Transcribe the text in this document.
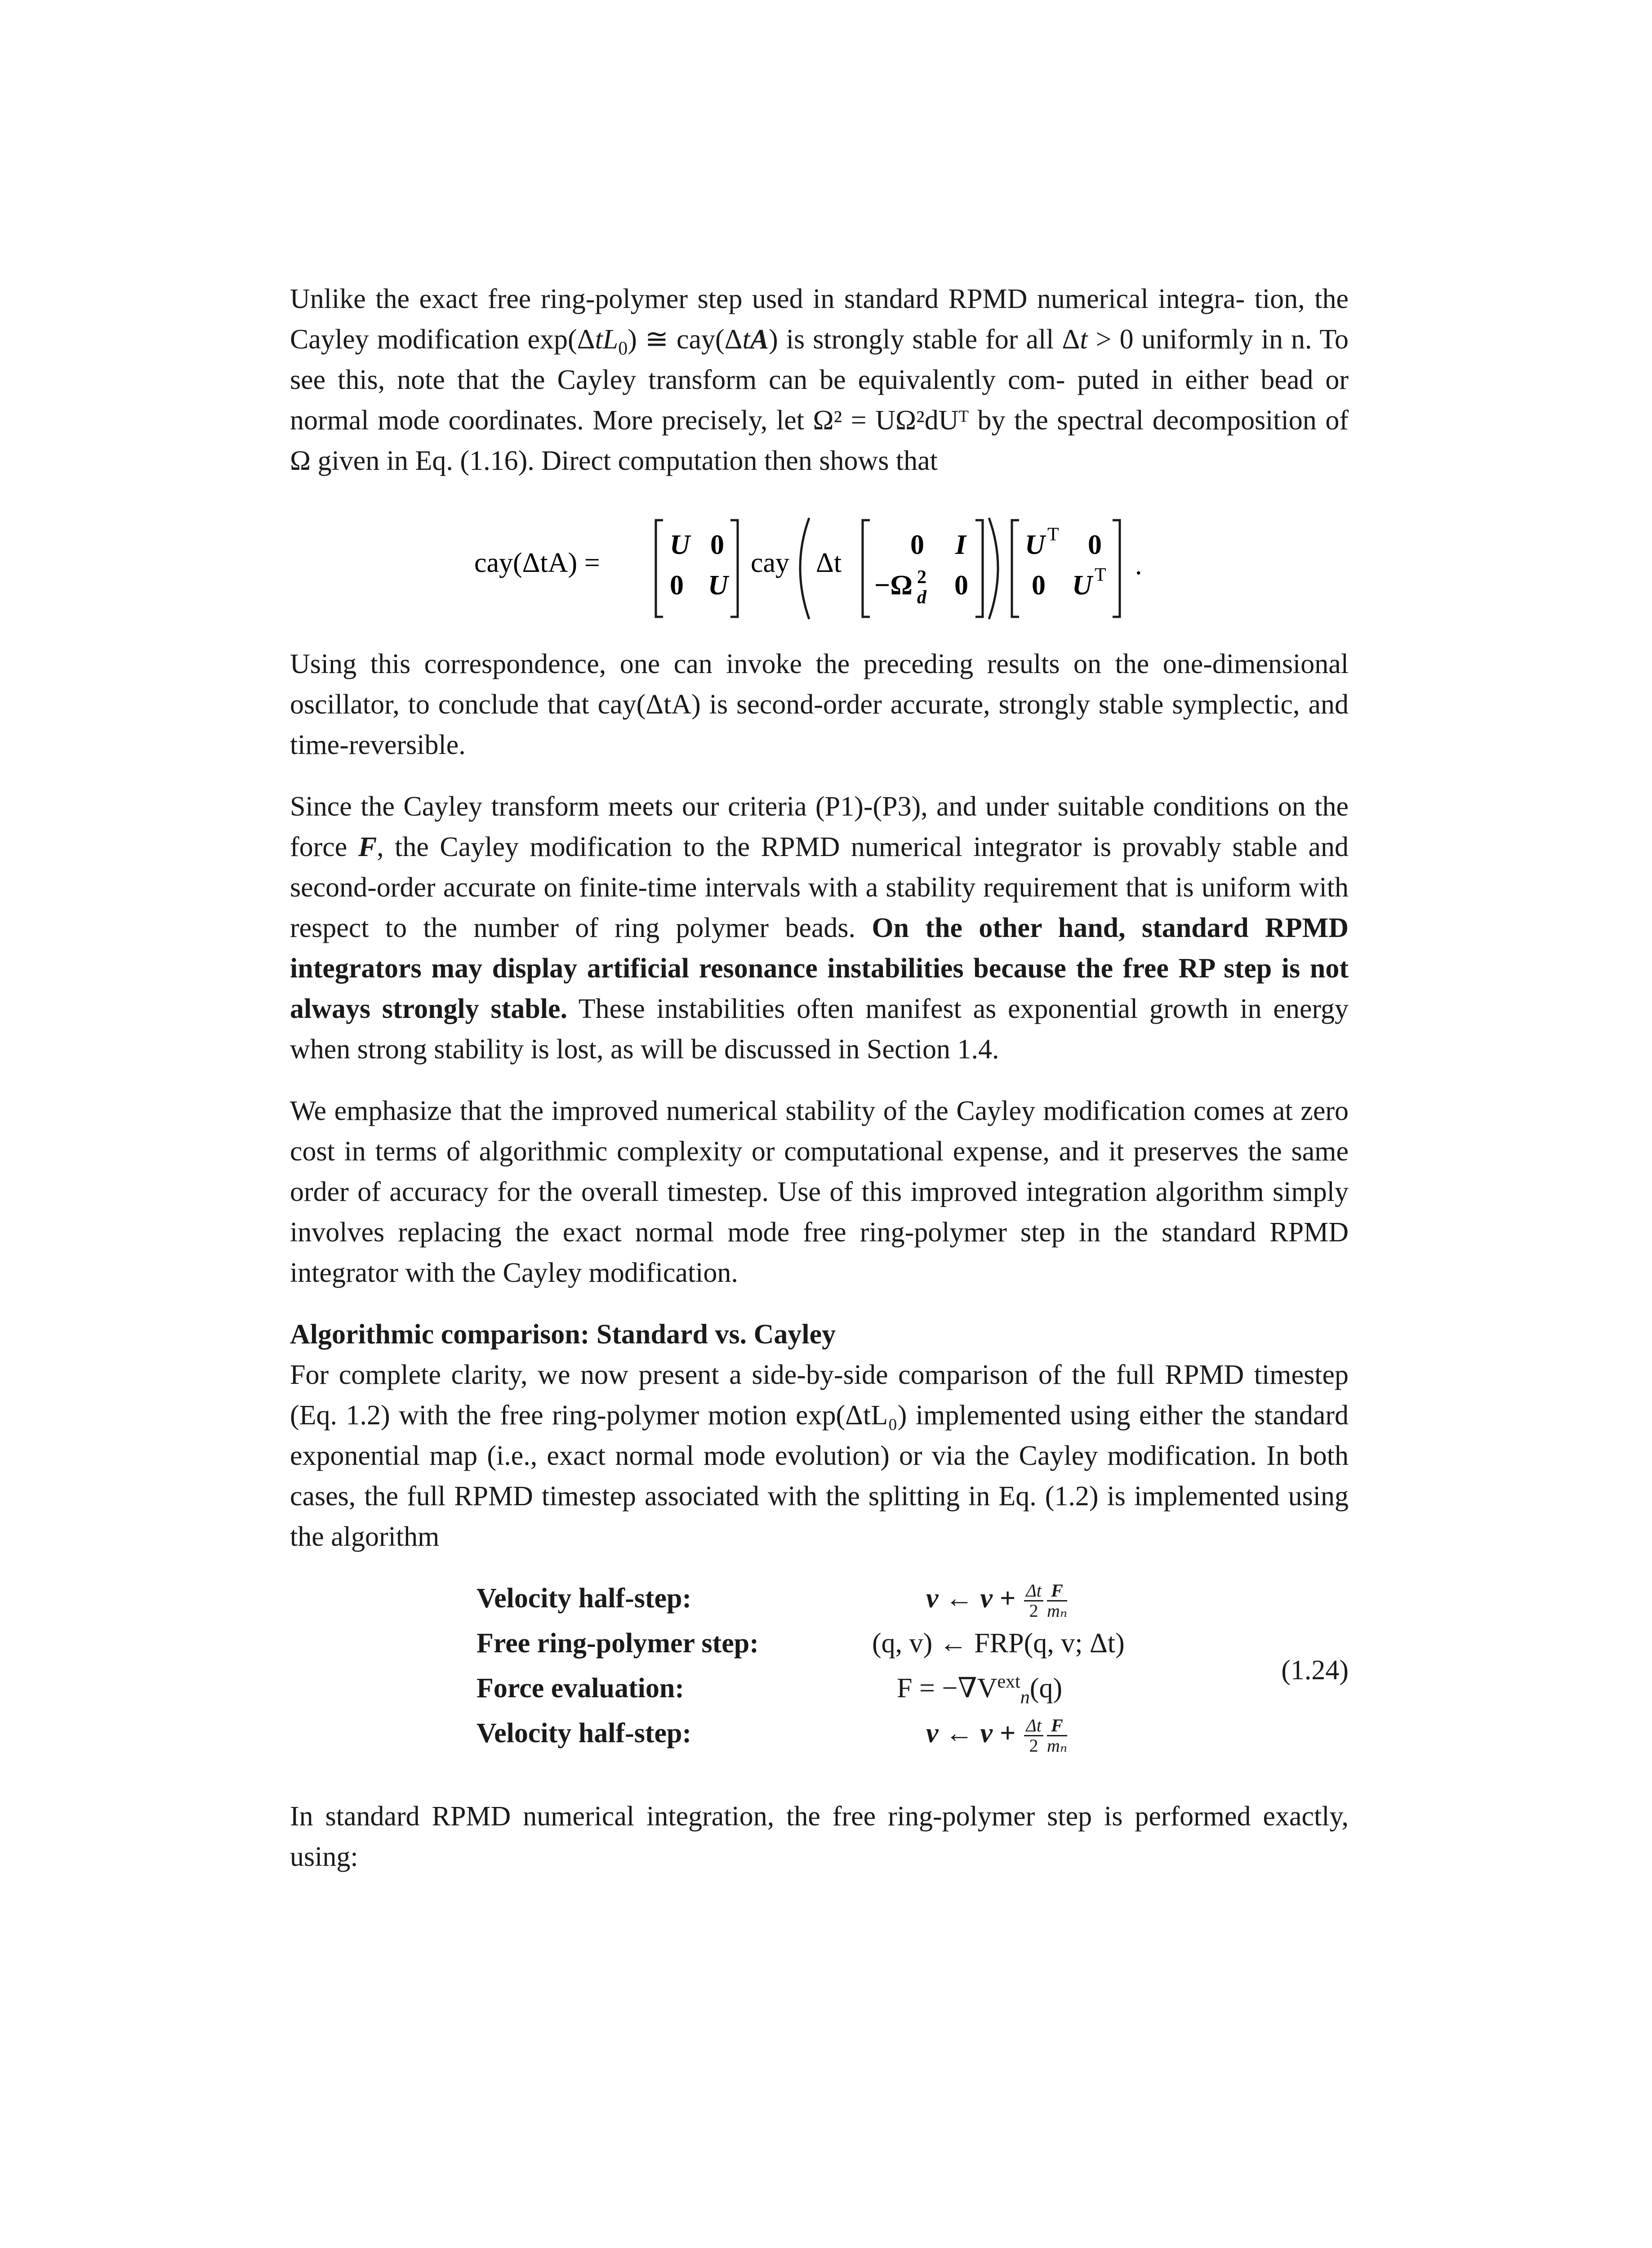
Unlike the exact free ring-polymer step used in standard RPMD numerical integra- tion, the Cayley modification exp(ΔtL$_0$) ≅ cay(ΔtA) is strongly stable for all Δt > 0 uniformly in n. To see this, note that the Cayley transform can be equivalently com- puted in either bead or normal mode coordinates. More precisely, let Ω² = UΩ²dUᵀ by the spectral decomposition of Ω given in Eq. (1.16). Direct computation then shows that

cay(ΔtA) =
U 0
0 U
cay Δt
0 I
−Ω 2
d 0
U T 0
0 U T .

Using this correspondence, one can invoke the preceding results on the one-dimensional oscillator, to conclude that cay(ΔtA) is second-order accurate, strongly stable symplectic, and time-reversible.

Since the Cayley transform meets our criteria (P1)-(P3), and under suitable conditions on the force F, the Cayley modification to the RPMD numerical integrator is provably stable and second-order accurate on finite-time intervals with a stability requirement that is uniform with respect to the number of ring polymer beads. On the other hand, standard RPMD integrators may display artificial resonance instabilities because the free RP step is not always strongly stable. These instabilities often manifest as exponential growth in energy when strong stability is lost, as will be discussed in Section 1.4.

We emphasize that the improved numerical stability of the Cayley modification comes at zero cost in terms of algorithmic complexity or computational expense, and it preserves the same order of accuracy for the overall timestep. Use of this improved integration algorithm simply involves replacing the exact normal mode free ring-polymer step in the standard RPMD integrator with the Cayley modification.

Algorithmic comparison: Standard vs. Cayley

For complete clarity, we now present a side-by-side comparison of the full RPMD timestep (Eq. 1.2) with the free ring-polymer motion exp(ΔtL₀) implemented using either the standard exponential map (i.e., exact normal mode evolution) or via the Cayley modification. In both cases, the full RPMD timestep associated with the splitting in Eq. (1.2) is implemented using the algorithm

Velocity half-step:	v ← $v + \frac{\Delta t}{2} \frac{F}{\text{mₙ}}$
Free ring-polymer step:	(q, v) ← FRP(q, v; Δt)
Force evaluation:	$F = -\nabla V^{ext}_n(q)$
Velocity half-step:	v ← $v + \frac{\Delta t}{2} \frac{F}{\text{mₙ}}$
(1.24)

In standard RPMD numerical integration, the free ring-polymer step is performed exactly, using:
